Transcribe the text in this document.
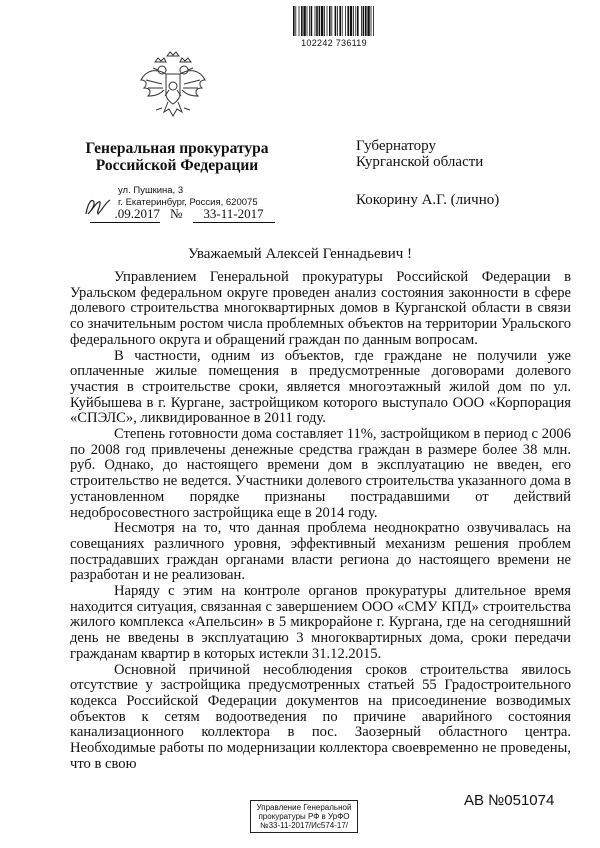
102242 736119
Генеральная прокуратура
Российской Федерации
ул. Пушкина, 3
г. Екатеринбург, Россия, 620075
.09.2017 № 33-11-2017
Губернатору
Курганской области
Кокорину А.Г. (лично)
Уважаемый Алексей Геннадьевич !

Управлением Генеральной прокуратуры Российской Федерации в Уральском федеральном округе проведен анализ состояния законности в сфере долевого строительства многоквартирных домов в Курганской области в связи со значительным ростом числа проблемных объектов на территории Уральского федерального округа и обращений граждан по данным вопросам.

В частности, одним из объектов, где граждане не получили уже оплаченные жилые помещения в предусмотренные договорами долевого участия в строительстве сроки, является многоэтажный жилой дом по ул. Куйбышева в г. Кургане, застройщиком которого выступало ООО «Корпорация «СПЭЛС», ликвидированное в 2011 году.

Степень готовности дома составляет 11%, застройщиком в период с 2006 по 2008 год привлечены денежные средства граждан в размере более 38 млн. руб. Однако, до настоящего времени дом в эксплуатацию не введен, его строительство не ведется. Участники долевого строительства указанного дома в установленном порядке признаны пострадавшими от действий недобросовестного застройщика еще в 2014 году.

Несмотря на то, что данная проблема неоднократно озвучивалась на совещаниях различного уровня, эффективный механизм решения проблем пострадавших граждан органами власти региона до настоящего времени не разработан и не реализован.

Наряду с этим на контроле органов прокуратуры длительное время находится ситуация, связанная с завершением ООО «СМУ КПД» строительства жилого комплекса «Апельсин» в 5 микрорайоне г. Кургана, где на сегодняшний день не введены в эксплуатацию 3 многоквартирных дома, сроки передачи гражданам квартир в которых истекли 31.12.2015.

Основной причиной несоблюдения сроков строительства явилось отсутствие у застройщика предусмотренных статьей 55 Градостроительного кодекса Российской Федерации документов на присоединение возводимых объектов к сетям водоотведения по причине аварийного состояния канализационного коллектора в пос. Заозерный областного центра. Необходимые работы по модернизации коллектора своевременно не проведены, что в свою

АВ №051074
Управление Генеральной
прокуратуры РФ в УрФО
№33-11-2017/Ис574-17/
